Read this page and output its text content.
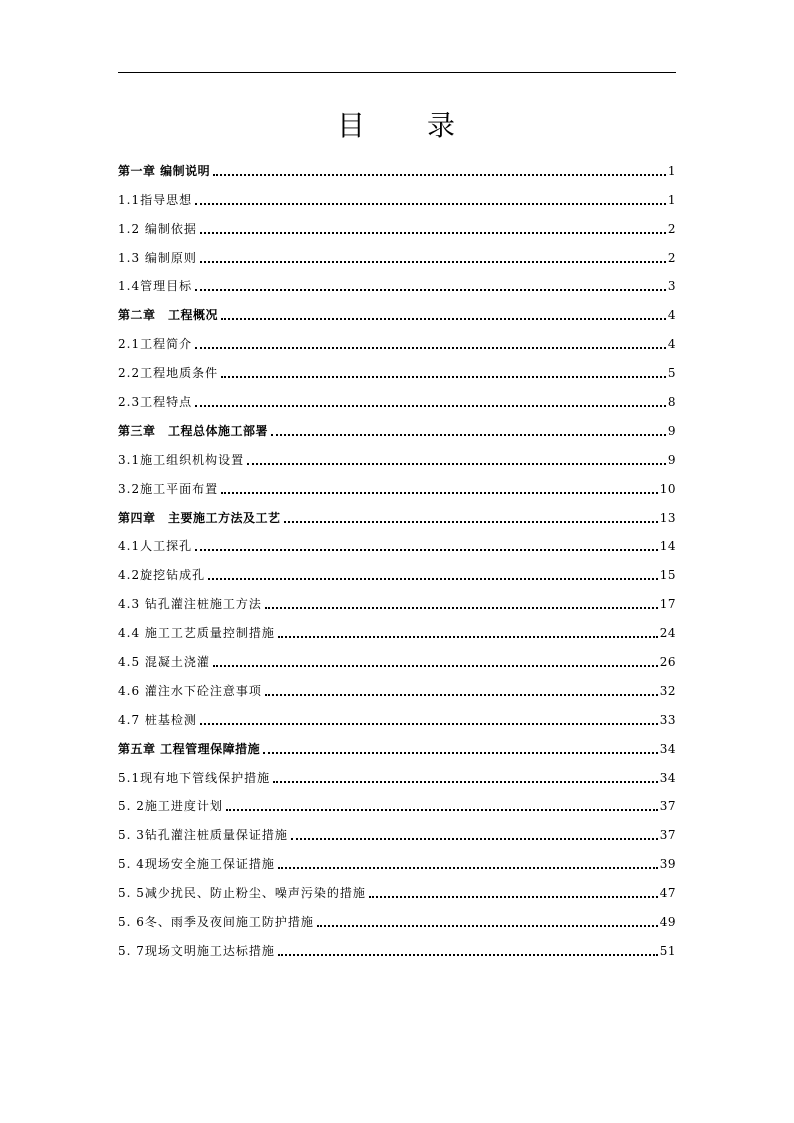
目　　录
第一章 编制说明	1
1.1指导思想	1
1.2 编制依据	2
1.3 编制原则	2
1.4管理目标	3
第二章　工程概况	4
2.1工程简介	4
2.2工程地质条件	5
2.3工程特点	8
第三章　工程总体施工部署	9
3.1施工组织机构设置	9
3.2施工平面布置	10
第四章　主要施工方法及工艺	13
4.1人工探孔	14
4.2旋挖钻成孔	15
4.3 钻孔灌注桩施工方法	17
4.4 施工工艺质量控制措施	24
4.5 混凝土浇灌	26
4.6 灌注水下砼注意事项	32
4.7 桩基检测	33
第五章 工程管理保障措施	34
5.1现有地下管线保护措施	34
5. 2施工进度计划	37
5. 3钻孔灌注桩质量保证措施	37
5. 4现场安全施工保证措施	39
5. 5减少扰民、防止粉尘、噪声污染的措施	47
5. 6冬、雨季及夜间施工防护措施	49
5. 7现场文明施工达标措施	51
